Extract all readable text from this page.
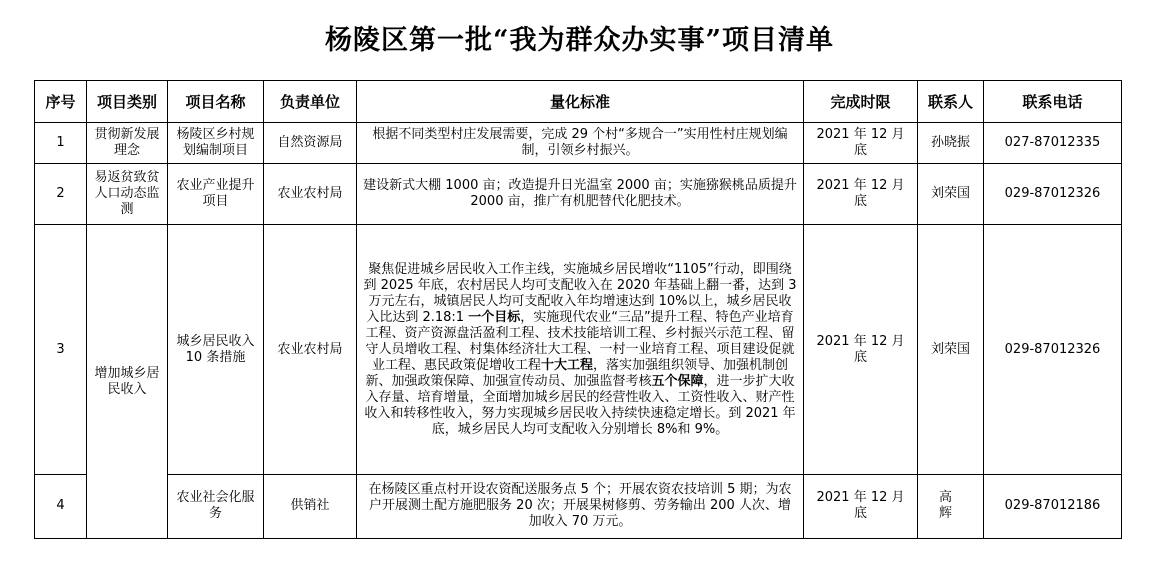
杨陵区第一批“我为群众办实事”项目清单
序号	项目类别	项目名称	负责单位	量化标准	完成时限	联系人	联系电话
1	贯彻新发展理念	杨陵区乡村规划编制项目	自然资源局	根据不同类型村庄发展需要，完成 29 个村“多规合一”实用性村庄规划编制，引领乡村振兴。	2021 年 12 月底	孙晓振	027-87012335
2	易返贫致贫人口动态监测	农业产业提升项目	农业农村局	建设新式大棚 1000 亩；改造提升日光温室 2000 亩；实施猕猴桃品质提升 2000 亩，推广有机肥替代化肥技术。	2021 年 12 月底	刘荣国	029-87012326
3	增加城乡居民收入	城乡居民收入 10 条措施	农业农村局	聚焦促进城乡居民收入工作主线，实施城乡居民增收“1105”行动，即围绕到 2025 年底，农村居民人均可支配收入在 2020 年基础上翻一番，达到 3 万元左右，城镇居民人均可支配收入年均增速达到 10%以上，城乡居民收入比达到 2.18:1 一个目标，实施现代农业“三品”提升工程、特色产业培育工程、资产资源盘活盈利工程、技术技能培训工程、乡村振兴示范工程、留守人员增收工程、村集体经济壮大工程、一村一业培育工程、项目建设促就业工程、惠民政策促增收工程十大工程，落实加强组织领导、加强机制创新、加强政策保障、加强宣传动员、加强监督考核五个保障，进一步扩大收入存量、培育增量，全面增加城乡居民的经营性收入、工资性收入、财产性收入和转移性收入，努力实现城乡居民收入持续快速稳定增长。到 2021 年底，城乡居民人均可支配收入分别增长 8%和 9%。	2021 年 12 月底	刘荣国	029-87012326
4		农业社会化服务	供销社	在杨陵区重点村开设农资配送服务点 5 个；开展农资农技培训 5 期；为农户开展测土配方施肥服务 20 次；开展果树修剪、劳务输出 200 人次、增加收入 70 万元。	2021 年 12 月底	高 辉	029-87012186
